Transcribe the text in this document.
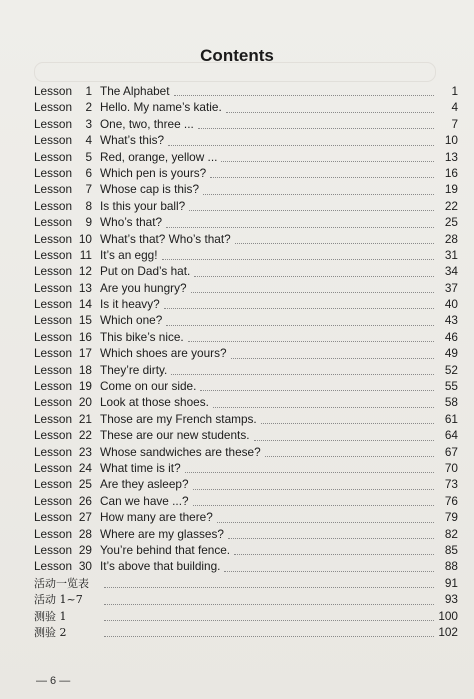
Contents
Lesson	1 The Alphabet	1
Lesson	2 Hello. My name’s katie.	4
Lesson	3 One, two, three ...	7
Lesson	4 What’s this?	10
Lesson	5 Red, orange, yellow ...	13
Lesson	6 Which pen is yours?	16
Lesson	7 Whose cap is this?	19
Lesson	8 Is this your ball?	22
Lesson	9 Who’s that?	25
Lesson 10 What’s that? Who’s that?	28
Lesson 11 It’s an egg!	31
Lesson 12 Put on Dad’s hat.	34
Lesson 13 Are you hungry?	37
Lesson 14 Is it heavy?	40
Lesson 15 Which one?	43
Lesson 16 This bike’s nice.	46
Lesson 17 Which shoes are yours?	49
Lesson 18 They’re dirty.	52
Lesson 19 Come on our side.	55
Lesson 20 Look at those shoes.	58
Lesson 21 Those are my French stamps.	61
Lesson 22 These are our new students.	64
Lesson 23 Whose sandwiches are these?	67
Lesson 24 What time is it?	70
Lesson 25 Are they asleep?	73
Lesson 26 Can we have ...?	76
Lesson 27 How many are there?	79
Lesson 28 Where are my glasses?	82
Lesson 29 You’re behind that fence.	85
Lesson 30 It’s above that building.	88
活动一览表	91
活动 1~7	93
测验 1	100
测验 2	102
— 6 —
